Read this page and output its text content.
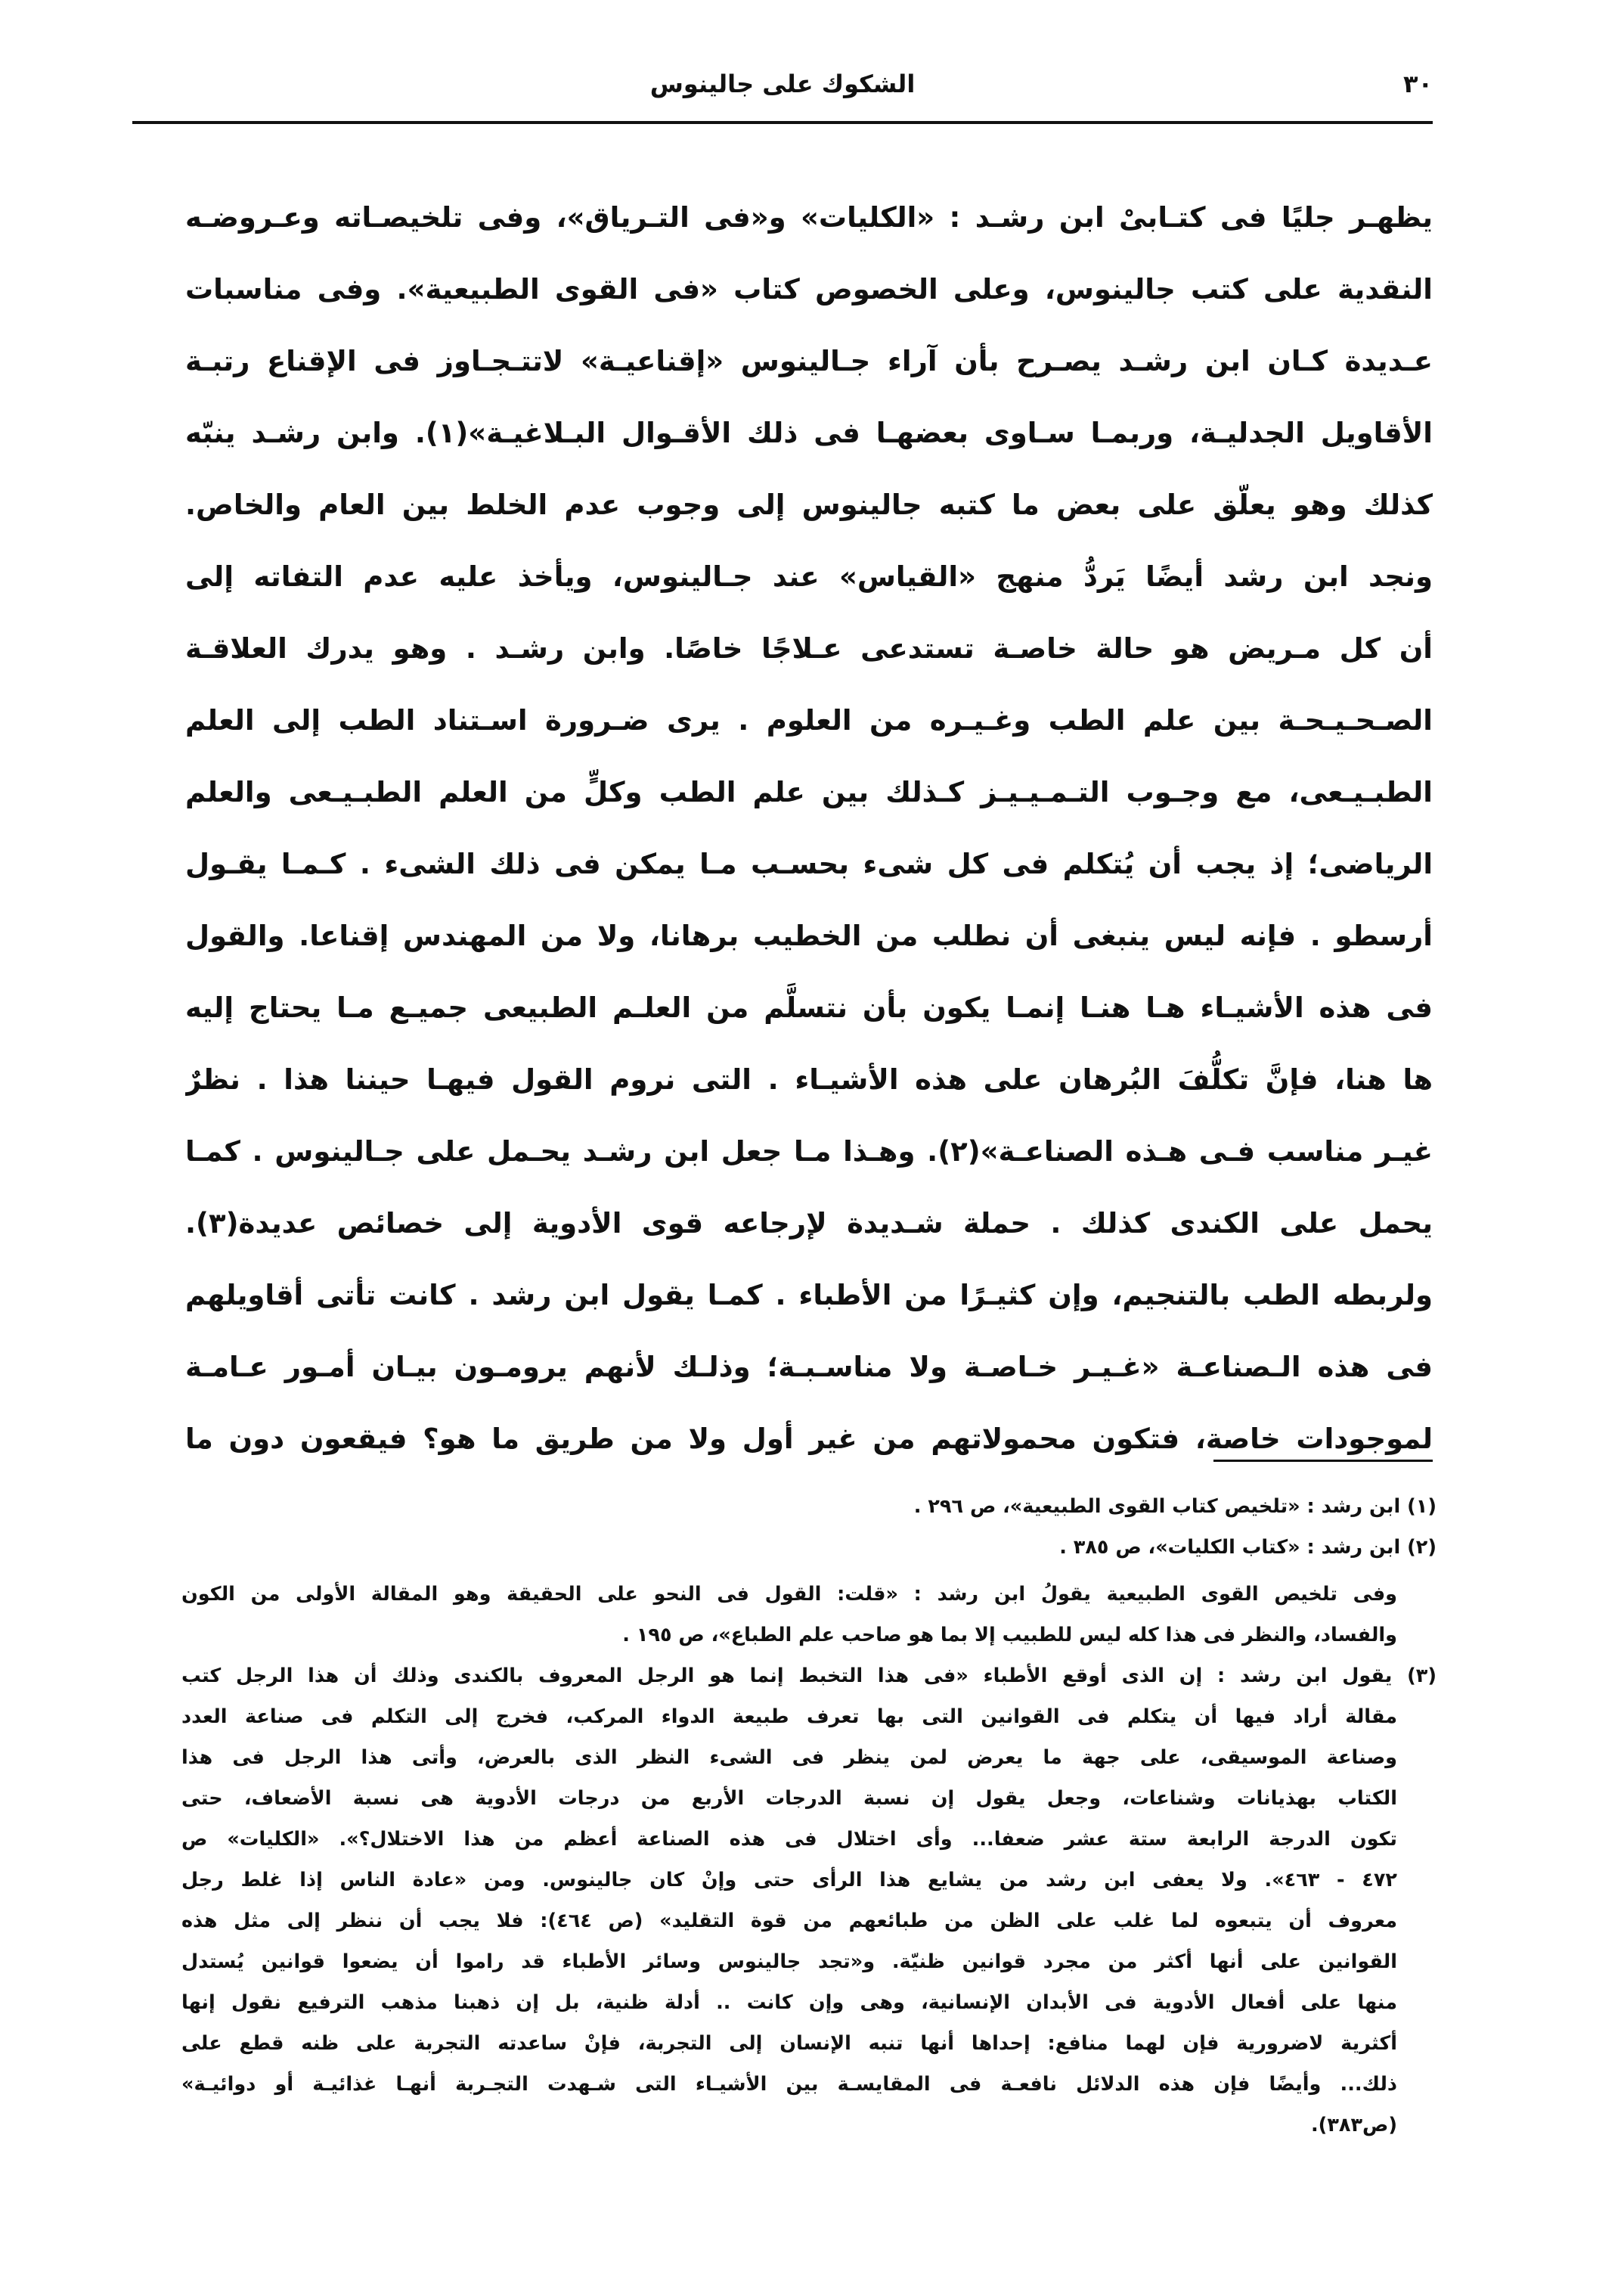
٣٠
الشكوك على جالينوس
يظهـر جليًا فى كتـابىْ ابن رشـد : «الكليات» و«فى التـرياق»، وفى تلخيصـاته وعـروضـه
النقدية على كتب جالينوس، وعلى الخصوص كتاب «فى القوى الطبيعية». وفى مناسبات
عـديدة كـان ابن رشـد يصـرح بأن آراء جـالينوس «إقناعيـة» لاتتـجـاوز فى الإقناع رتبـة
الأقاويل الجدليـة، وربمـا سـاوى بعضهـا فى ذلك الأقـوال البـلاغيـة»(١). وابن رشـد ينبّه
كذلك وهو يعلّق على بعض ما كتبه جالينوس إلى وجوب عدم الخلط بين العام والخاص.
ونجد ابن رشد أيضًا يَردُّ منهج «القياس» عند جـالينوس، ويأخذ عليه عدم التفاته إلى
أن كل مـريض هو حالة خاصـة تستدعى عـلاجًا خاصًا. وابن رشـد . وهو يدرك العلاقـة
الصـحـيـحـة بين علم الطب وغـيـره من العلوم . يرى ضـرورة اسـتناد الطب إلى العلم
الطبـيـعى، مع وجـوب التـمـيـيـز كـذلك بين علم الطب وكلٍّ من العلم الطبـيـعى والعلم
الرياضى؛ إذ يجب أن يُتكلم فى كل شىء بحسـب مـا يمكن فى ذلك الشىء . كـمـا يقـول
أرسطو . فإنه ليس ينبغى أن نطلب من الخطيب برهانا، ولا من المهندس إقناعا. والقول
فى هذه الأشيـاء هـا هنـا إنمـا يكون بأن نتسلَّم من العلـم الطبيعى جميـع مـا يحتاج إليه
ها هنا، فإنَّ تكلُّفَ البُرهان على هذه الأشيـاء . التى نروم القول فيهـا حيننا هذا . نظرٌ
غيـر مناسب فـى هـذه الصناعـة»(٢). وهـذا مـا جعل ابن رشـد يحـمل على جـالينوس . كمـا
يحمل على الكندى كذلك . حملة شـديدة لإرجاعه قوى الأدوية إلى خصائص عديدة(٣).
ولربطه الطب بالتنجيم، وإن كثيـرًا من الأطباء . كمـا يقول ابن رشد . كانت تأتى أقاويلهم
فى هذه الـصناعـة «غـيـر خـاصـة ولا مناسـبـة؛ وذلـك لأنهم يرومـون بيـان أمـور عـامـة
لموجودات خاصة، فتكون محمولاتهم من غير أول ولا من طريق ما هو؟ فيقعون دون ما
(١) ابن رشد : «تلخيص كتاب القوى الطبيعية»، ص ٢٩٦ .
(٢) ابن رشد : «كتاب الكليات»، ص ٣٨٥ .
وفى تلخيص القوى الطبيعية يقولُ ابن رشد : «قلت: القول فى النحو على الحقيقة وهو المقالة الأولى من الكون
والفساد، والنظر فى هذا كله ليس للطبيب إلا بما هو صاحب علم الطباع»، ص ١٩٥ .
(٣) يقول ابن رشد : إن الذى أوقع الأطباء «فى هذا التخبط إنما هو الرجل المعروف بالكندى وذلك أن هذا الرجل كتب
مقالة أراد فيها أن يتكلم فى القوانين التى بها تعرف طبيعة الدواء المركب، فخرج إلى التكلم فى صناعة العدد
وصناعة الموسيقى، على جهة ما يعرض لمن ينظر فى الشىء النظر الذى بالعرض، وأتى هذا الرجل فى هذا
الكتاب بهذيانات وشناعات، وجعل يقول إن نسبة الدرجات الأربع من درجات الأدوية هى نسبة الأضعاف، حتى
تكون الدرجة الرابعة ستة عشر ضعفا... وأى اختلال فى هذه الصناعة أعظم من هذا الاختلال؟». «الكليات» ص
٤٧٢ - ٤٦٣». ولا يعفى ابن رشد من يشايع هذا الرأى حتى وإنْ كان جالينوس. ومن «عادة الناس إذا غلط رجل
معروف أن يتبعوه لما غلب على الظن من طبائعهم من قوة التقليد» (ص ٤٦٤): فلا يجب أن ننظر إلى مثل هذه
القوانين على أنها أكثر من مجرد قوانين ظنيّة. و«تجد جالينوس وسائر الأطباء قد راموا أن يضعوا قوانين يُستدل
منها على أفعال الأدوية فى الأبدان الإنسانية، وهى وإن كانت .. أدلة ظنية، بل إن ذهبنا مذهب الترفيع نقول إنها
أكثرية لاضرورية فإن لهما منافع: إحداها أنها تنبه الإنسان إلى التجربة، فإنْ ساعدته التجربة على ظنه قطع على
ذلك... وأيضًا فإن هذه الدلائل نافعـة فى المقايسـة بين الأشيـاء التى شـهدت التجـربة أنهـا غذائيـة أو دوائيـة»
(ص٣٨٣).
